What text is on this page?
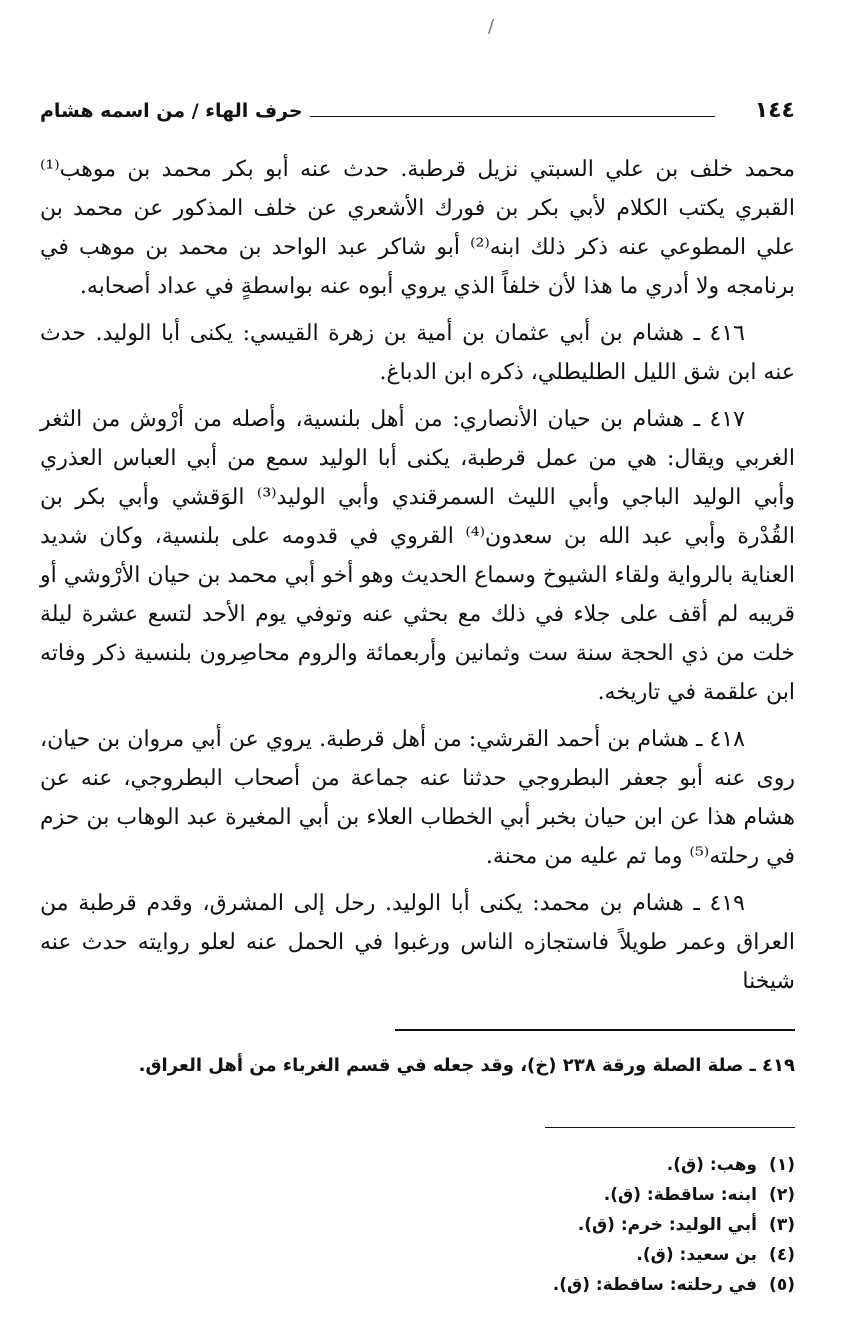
/
١٤٤
حرف الهاء / من اسمه هشام

محمد خلف بن علي السبتي نزيل قرطبة. حدث عنه أبو بكر محمد بن موهب⁽¹⁾ القبري يكتب الكلام لأبي بكر بن فورك الأشعري عن خلف المذكور عن محمد بن علي المطوعي عنه ذكر ذلك ابنه⁽²⁾ أبو شاكر عبد الواحد بن محمد بن موهب في برنامجه ولا أدري ما هذا لأن خلفاً الذي يروي أبوه عنه بواسطةٍ في عداد أصحابه.

٤١٦ ـ هشام بن أبي عثمان بن أمية بن زهرة القيسي: يكنى أبا الوليد. حدث عنه ابن شق الليل الطليطلي، ذكره ابن الدباغ.

٤١٧ ـ هشام بن حيان الأنصاري: من أهل بلنسية، وأصله من أرْوش من الثغر الغربي ويقال: هي من عمل قرطبة، يكنى أبا الوليد سمع من أبي العباس العذري وأبي الوليد الباجي وأبي الليث السمرقندي وأبي الوليد⁽³⁾ الوَقشي وأبي بكر بن القُدْرة وأبي عبد الله بن سعدون⁽⁴⁾ القروي في قدومه على بلنسية، وكان شديد العناية بالرواية ولقاء الشيوخ وسماع الحديث وهو أخو أبي محمد بن حيان الأرْوشي أو قريبه لم أقف على جلاء في ذلك مع بحثي عنه وتوفي يوم الأحد لتسع عشرة ليلة خلت من ذي الحجة سنة ست وثمانين وأربعمائة والروم محاصِرون بلنسية ذكر وفاته ابن علقمة في تاريخه.

٤١٨ ـ هشام بن أحمد القرشي: من أهل قرطبة. يروي عن أبي مروان بن حيان، روى عنه أبو جعفر البطروجي حدثنا عنه جماعة من أصحاب البطروجي، عنه عن هشام هذا عن ابن حيان بخبر أبي الخطاب العلاء بن أبي المغيرة عبد الوهاب بن حزم في رحلته⁽⁵⁾ وما تم عليه من محنة.

٤١٩ ـ هشام بن محمد: يكنى أبا الوليد. رحل إلى المشرق، وقدم قرطبة من العراق وعمر طويلاً فاستجازه الناس ورغبوا في الحمل عنه لعلو روايته حدث عنه شيخنا

٤١٩ ـ صلة الصلة ورقة ٢٣٨ (خ)، وقد جعله في قسم الغرباء من أهل العراق.
(١)وهب: (ق).
(٢)ابنه: ساقطة: (ق).
(٣)أبي الوليد: خرم: (ق).
(٤)بن سعيد: (ق).
(٥)في رحلته: ساقطة: (ق).
